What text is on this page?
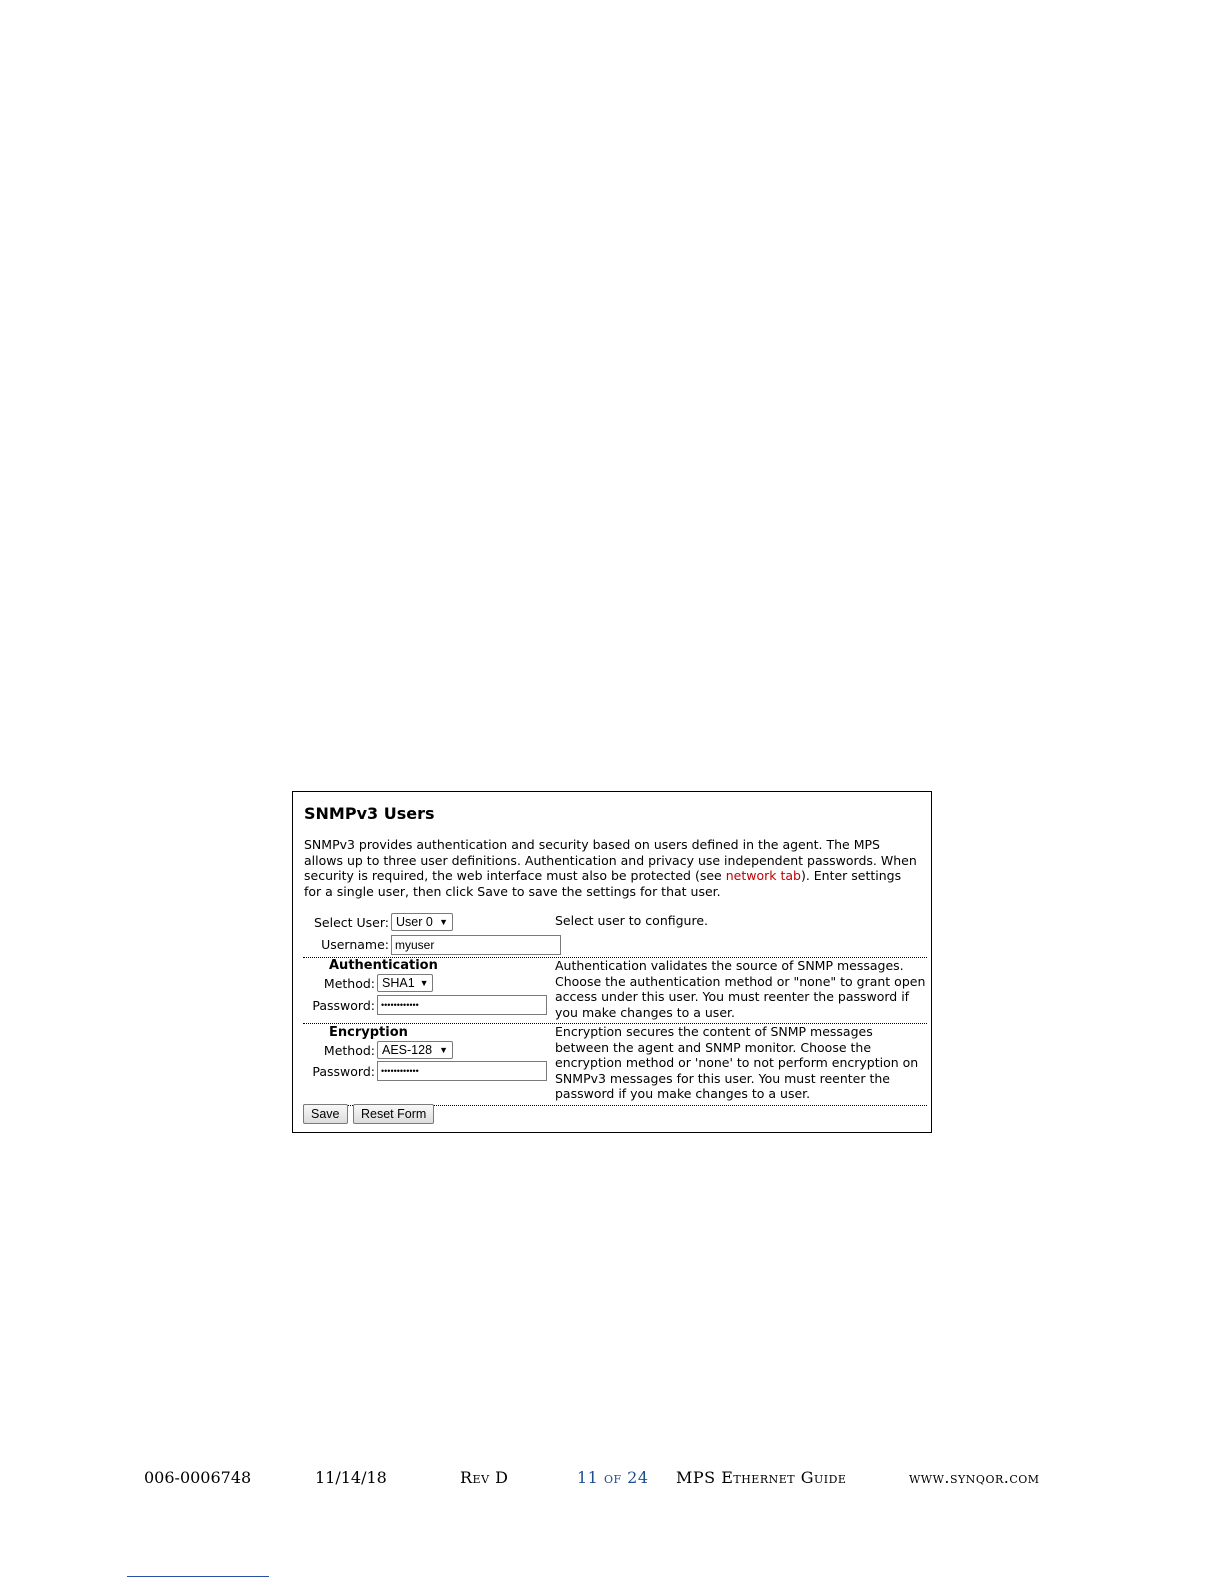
SNMPv3 Users

SNMPv3 provides authentication and security based on users defined in the agent. The MPS allows up to three user definitions. Authentication and privacy use independent passwords. When security is required, the web interface must also be protected (see network tab). Enter settings for a single user, then click Save to save the settings for that user.

Select User: User 0 ▼
Username: myuser

Select user to configure.

Authentication
Method: SHA1 ▼
Password: ••••••••••••

Authentication validates the source of SNMP messages. Choose the authentication method or "none" to grant open access under this user. You must reenter the password if you make changes to a user.

Encryption
Method: AES-128 ▼
Password: ••••••••••••

Encryption secures the content of SNMP messages between the agent and SNMP monitor. Choose the encryption method or 'none' to not perform encryption on SNMPv3 messages for this user. You must reenter the password if you make changes to a user.

Save	Reset Form
006-0006748	11/14/18	Rev D	11 of 24 MPS Ethernet Guide	www.synqor.com
